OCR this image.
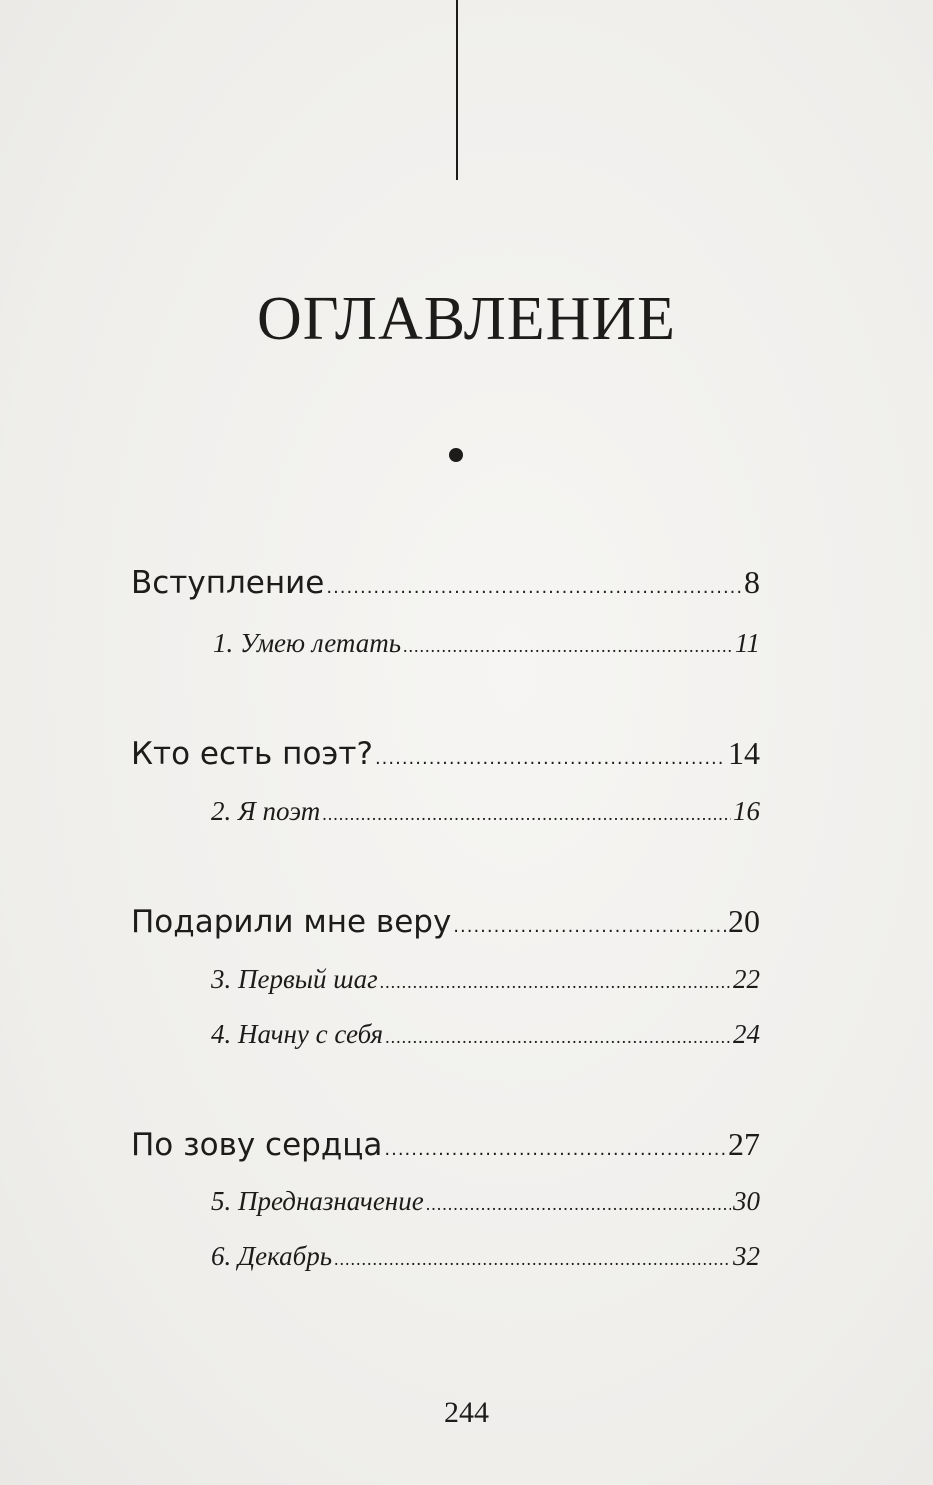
ОГЛАВЛЕНИЕ
Вступление .....	8
1. Умею летать .....	11
Кто есть поэт? .....	14
2. Я поэт .....	16
Подарили мне веру .....	20
3. Первый шаг .....	22
4. Начну с себя .....	24
По зову сердца .....	27
5. Предназначение .....	30
6. Декабрь .....	32
244
